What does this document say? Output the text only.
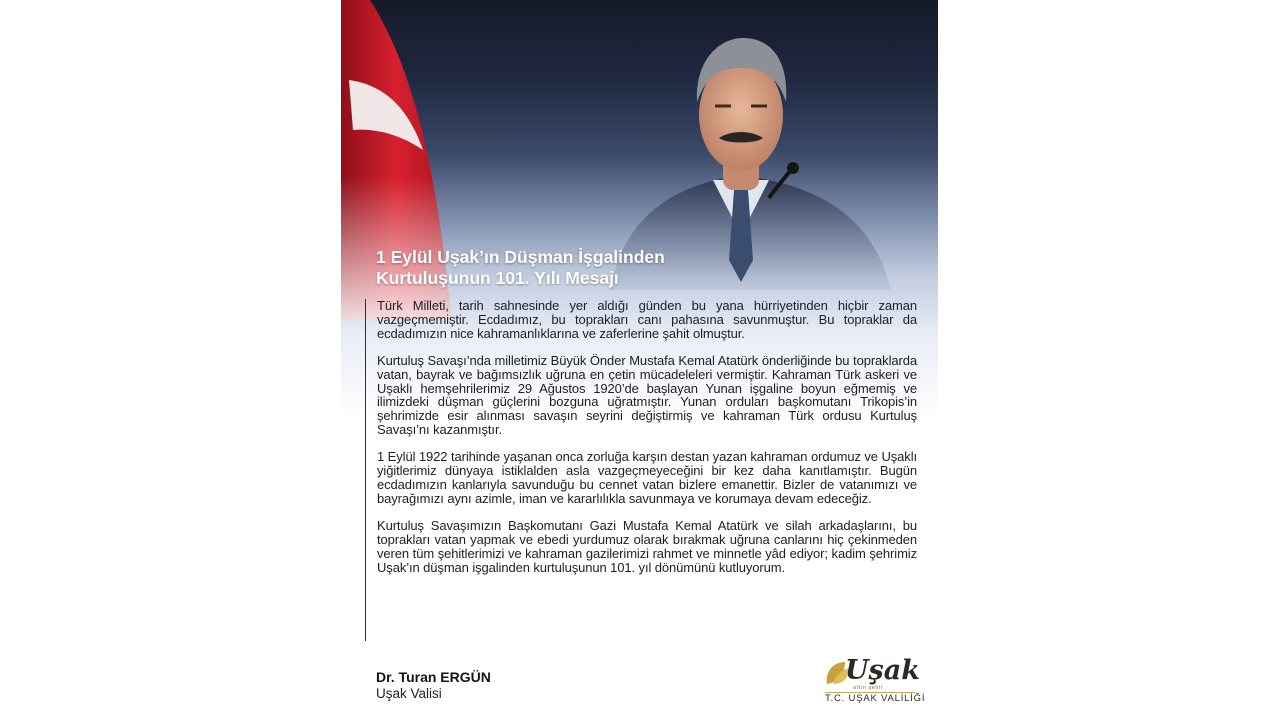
1 Eylül Uşak’ın Düşman İşgalinden
Kurtuluşunun 101. Yılı Mesajı

Türk Milleti, tarih sahnesinde yer aldığı günden bu yana hürriyetinden hiçbir zaman vazgeçmemiştir. Ecdadımız, bu toprakları canı pahasına savunmuştur. Bu topraklar da ecdadımızın nice kahramanlıklarına ve zaferlerine şahit olmuştur.

Kurtuluş Savaşı’nda milletimiz Büyük Önder Mustafa Kemal Atatürk önderliğinde bu topraklarda vatan, bayrak ve bağımsızlık uğruna en çetin mücadeleleri vermiştir. Kahraman Türk askeri ve Uşaklı hemşehrilerimiz 29 Ağustos 1920’de başlayan Yunan işgaline boyun eğmemiş ve ilimizdeki düşman güçlerini bozguna uğratmıştır. Yunan orduları başkomutanı Trikopis’in şehrimizde esir alınması savaşın seyrini değiştirmiş ve kahraman Türk ordusu Kurtuluş Savaşı’nı kazanmıştır.

1 Eylül 1922 tarihinde yaşanan onca zorluğa karşın destan yazan kahraman ordumuz ve Uşaklı yiğitlerimiz dünyaya istiklalden asla vazgeçmeyeceğini bir kez daha kanıtlamıştır. Bugün ecdadımızın kanlarıyla savunduğu bu cennet vatan bizlere emanettir. Bizler de vatanımızı ve bayrağımızı aynı azimle, iman ve kararlılıkla savunmaya ve korumaya devam edeceğiz.

Kurtuluş Savaşımızın Başkomutanı Gazi Mustafa Kemal Atatürk ve silah arkadaşlarını, bu toprakları vatan yapmak ve ebedi yurdumuz olarak bırakmak uğruna canlarını hiç çekinmeden veren tüm şehitlerimizi ve kahraman gazilerimizi rahmet ve minnetle yâd ediyor; kadim şehrimiz Uşak’ın düşman işgalinden kurtuluşunun 101. yıl dönümünü kutluyorum.

Dr. Turan ERGÜN
Uşak Valisi
Uşak
altın şehir
T.C. UŞAK VALİLİĞİ
